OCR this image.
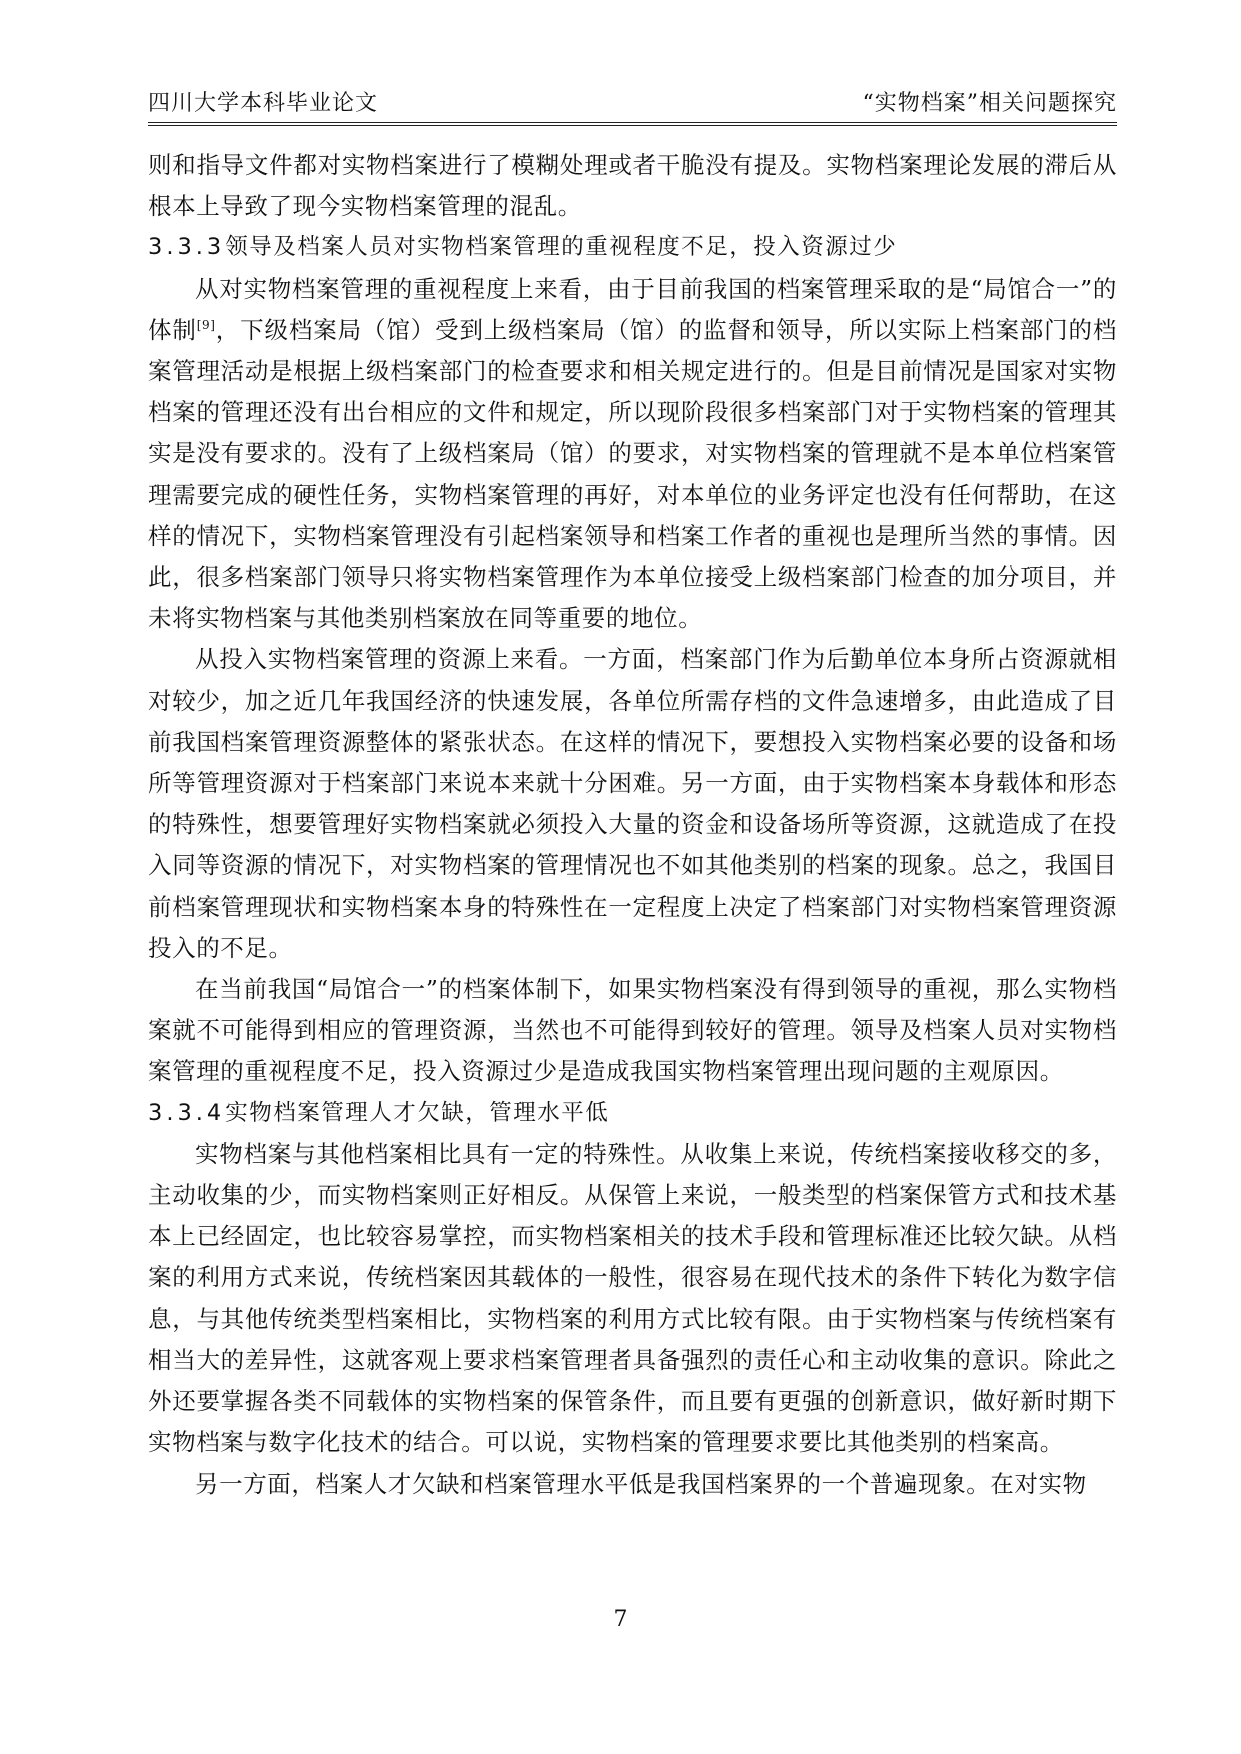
四川大学本科毕业论文	“实物档案”相关问题探究

则和指导文件都对实物档案进行了模糊处理或者干脆没有提及。实物档案理论发展的滞后从根本上导致了现今实物档案管理的混乱。

3.3.3领导及档案人员对实物档案管理的重视程度不足，投入资源过少

从对实物档案管理的重视程度上来看，由于目前我国的档案管理采取的是“局馆合一”的体制[9]，下级档案局（馆）受到上级档案局（馆）的监督和领导，所以实际上档案部门的档案管理活动是根据上级档案部门的检查要求和相关规定进行的。但是目前情况是国家对实物档案的管理还没有出台相应的文件和规定，所以现阶段很多档案部门对于实物档案的管理其实是没有要求的。没有了上级档案局（馆）的要求，对实物档案的管理就不是本单位档案管理需要完成的硬性任务，实物档案管理的再好，对本单位的业务评定也没有任何帮助，在这样的情况下，实物档案管理没有引起档案领导和档案工作者的重视也是理所当然的事情。因此，很多档案部门领导只将实物档案管理作为本单位接受上级档案部门检查的加分项目，并未将实物档案与其他类别档案放在同等重要的地位。

从投入实物档案管理的资源上来看。一方面，档案部门作为后勤单位本身所占资源就相对较少，加之近几年我国经济的快速发展，各单位所需存档的文件急速增多，由此造成了目前我国档案管理资源整体的紧张状态。在这样的情况下，要想投入实物档案必要的设备和场所等管理资源对于档案部门来说本来就十分困难。另一方面，由于实物档案本身载体和形态的特殊性，想要管理好实物档案就必须投入大量的资金和设备场所等资源，这就造成了在投入同等资源的情况下，对实物档案的管理情况也不如其他类别的档案的现象。总之，我国目前档案管理现状和实物档案本身的特殊性在一定程度上决定了档案部门对实物档案管理资源投入的不足。

在当前我国“局馆合一”的档案体制下，如果实物档案没有得到领导的重视，那么实物档案就不可能得到相应的管理资源，当然也不可能得到较好的管理。领导及档案人员对实物档案管理的重视程度不足，投入资源过少是造成我国实物档案管理出现问题的主观原因。

3.3.4实物档案管理人才欠缺，管理水平低

实物档案与其他档案相比具有一定的特殊性。从收集上来说，传统档案接收移交的多，主动收集的少，而实物档案则正好相反。从保管上来说，一般类型的档案保管方式和技术基本上已经固定，也比较容易掌控，而实物档案相关的技术手段和管理标准还比较欠缺。从档案的利用方式来说，传统档案因其载体的一般性，很容易在现代技术的条件下转化为数字信息，与其他传统类型档案相比，实物档案的利用方式比较有限。由于实物档案与传统档案有相当大的差异性，这就客观上要求档案管理者具备强烈的责任心和主动收集的意识。除此之外还要掌握各类不同载体的实物档案的保管条件，而且要有更强的创新意识，做好新时期下实物档案与数字化技术的结合。可以说，实物档案的管理要求要比其他类别的档案高。

另一方面，档案人才欠缺和档案管理水平低是我国档案界的一个普遍现象。在对实物

7
